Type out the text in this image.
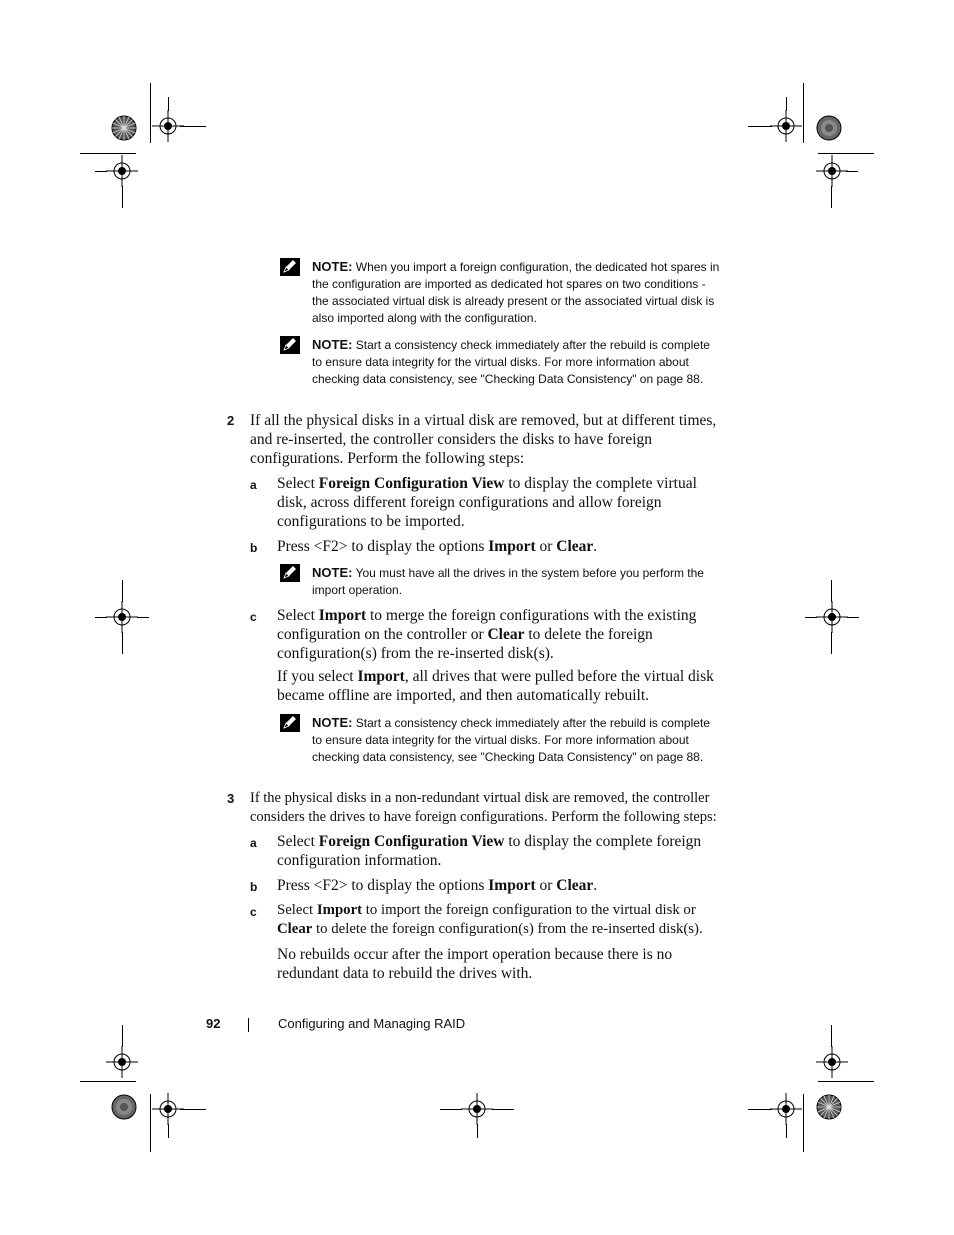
NOTE: When you import a foreign configuration, the dedicated hot spares in the configuration are imported as dedicated hot spares on two conditions - the associated virtual disk is already present or the associated virtual disk is also imported along with the configuration.
NOTE: Start a consistency check immediately after the rebuild is complete to ensure data integrity for the virtual disks. For more information about checking data consistency, see "Checking Data Consistency" on page 88.
2 If all the physical disks in a virtual disk are removed, but at different times, and re-inserted, the controller considers the disks to have foreign configurations. Perform the following steps:
a Select Foreign Configuration View to display the complete virtual disk, across different foreign configurations and allow foreign configurations to be imported.
b Press <F2> to display the options Import or Clear.
NOTE: You must have all the drives in the system before you perform the import operation.
c Select Import to merge the foreign configurations with the existing configuration on the controller or Clear to delete the foreign configuration(s) from the re-inserted disk(s).
If you select Import, all drives that were pulled before the virtual disk became offline are imported, and then automatically rebuilt.
NOTE: Start a consistency check immediately after the rebuild is complete to ensure data integrity for the virtual disks. For more information about checking data consistency, see "Checking Data Consistency" on page 88.
3 If the physical disks in a non-redundant virtual disk are removed, the controller considers the drives to have foreign configurations. Perform the following steps:
a Select Foreign Configuration View to display the complete foreign configuration information.
b Press <F2> to display the options Import or Clear.
c Select Import to import the foreign configuration to the virtual disk or Clear to delete the foreign configuration(s) from the re-inserted disk(s).
No rebuilds occur after the import operation because there is no redundant data to rebuild the drives with.
92	Configuring and Managing RAID
